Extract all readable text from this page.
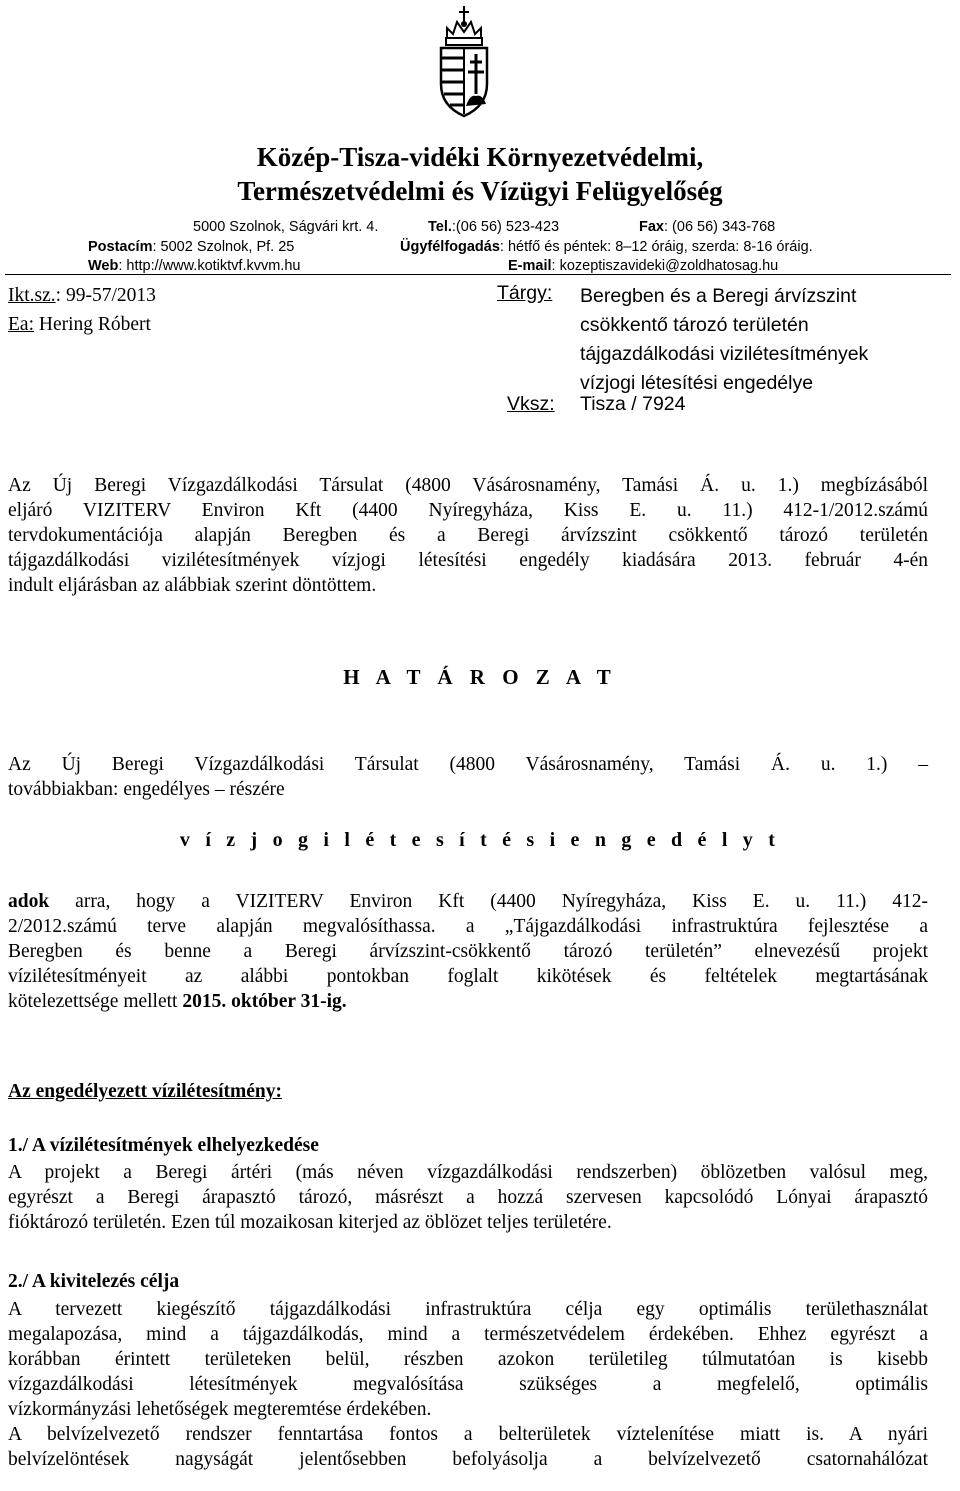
Közép-Tisza-vidéki Környezetvédelmi,
Természetvédelmi és Vízügyi Felügyelőség
5000 Szolnok, Ságvári krt. 4.	Tel.:(06 56) 523-423	Fax: (06 56) 343-768
Postacím: 5002 Szolnok, Pf. 25	Ügyfélfogadás: hétfő és péntek: 8–12 óráig, szerda: 8-16 óráig.
Web: http://www.kotiktvf.kvvm.hu	E-mail: kozeptiszavideki@zoldhatosag.hu
Ikt.sz.: 99-57/2013
Ea: Hering Róbert
Tárgy: Beregben és a Beregi árvízszint
csökkentő tározó területén
tájgazdálkodási vizilétesítmények
vízjogi létesítési engedélye
Vksz: Tisza / 7924
Az Új Beregi Vízgazdálkodási Társulat (4800 Vásárosnamény, Tamási Á. u. 1.) megbízásából
eljáró VIZITERV Environ Kft (4400 Nyíregyháza, Kiss E. u. 11.) 412-1/2012.számú
tervdokumentációja alapján Beregben és a Beregi árvízszint csökkentő tározó területén
tájgazdálkodási vizilétesítmények vízjogi létesítési engedély kiadására 2013. február 4-én
indult eljárásban az alábbiak szerint döntöttem.
H A T Á R O Z A T
Az Új Beregi Vízgazdálkodási Társulat (4800 Vásárosnamény, Tamási Á. u. 1.) –
továbbiakban: engedélyes – részére
v í z j o g i l é t e s í t é s i e n g e d é l y t
adok arra, hogy a VIZITERV Environ Kft (4400 Nyíregyháza, Kiss E. u. 11.) 412-
2/2012.számú terve alapján megvalósíthassa. a „Tájgazdálkodási infrastruktúra fejlesztése a
Beregben és benne a Beregi árvízszint-csökkentő tározó területén” elnevezésű projekt
vízilétesítményeit az alábbi pontokban foglalt kikötések és feltételek megtartásának
kötelezettsége mellett 2015. október 31-ig.
Az engedélyezett vízilétesítmény:
1./ A vízilétesítmények elhelyezkedése
A projekt a Beregi ártéri (más néven vízgazdálkodási rendszerben) öblözetben valósul meg,
egyrészt a Beregi árapasztó tározó, másrészt a hozzá szervesen kapcsolódó Lónyai árapasztó
fióktározó területén. Ezen túl mozaikosan kiterjed az öblözet teljes területére.
2./ A kivitelezés célja
A tervezett kiegészítő tájgazdálkodási infrastruktúra célja egy optimális területhasználat
megalapozása, mind a tájgazdálkodás, mind a természetvédelem érdekében. Ehhez egyrészt a
korábban érintett területeken belül, részben azokon területileg túlmutatóan is kisebb
vízgazdálkodási létesítmények megvalósítása szükséges a megfelelő, optimális
vízkormányzási lehetőségek megteremtése érdekében.
A belvízelvezető rendszer fenntartása fontos a belterületek víztelenítése miatt is. A nyári
belvízelöntések nagyságát jelentősebben befolyásolja a belvízelvezető csatornahálózat
